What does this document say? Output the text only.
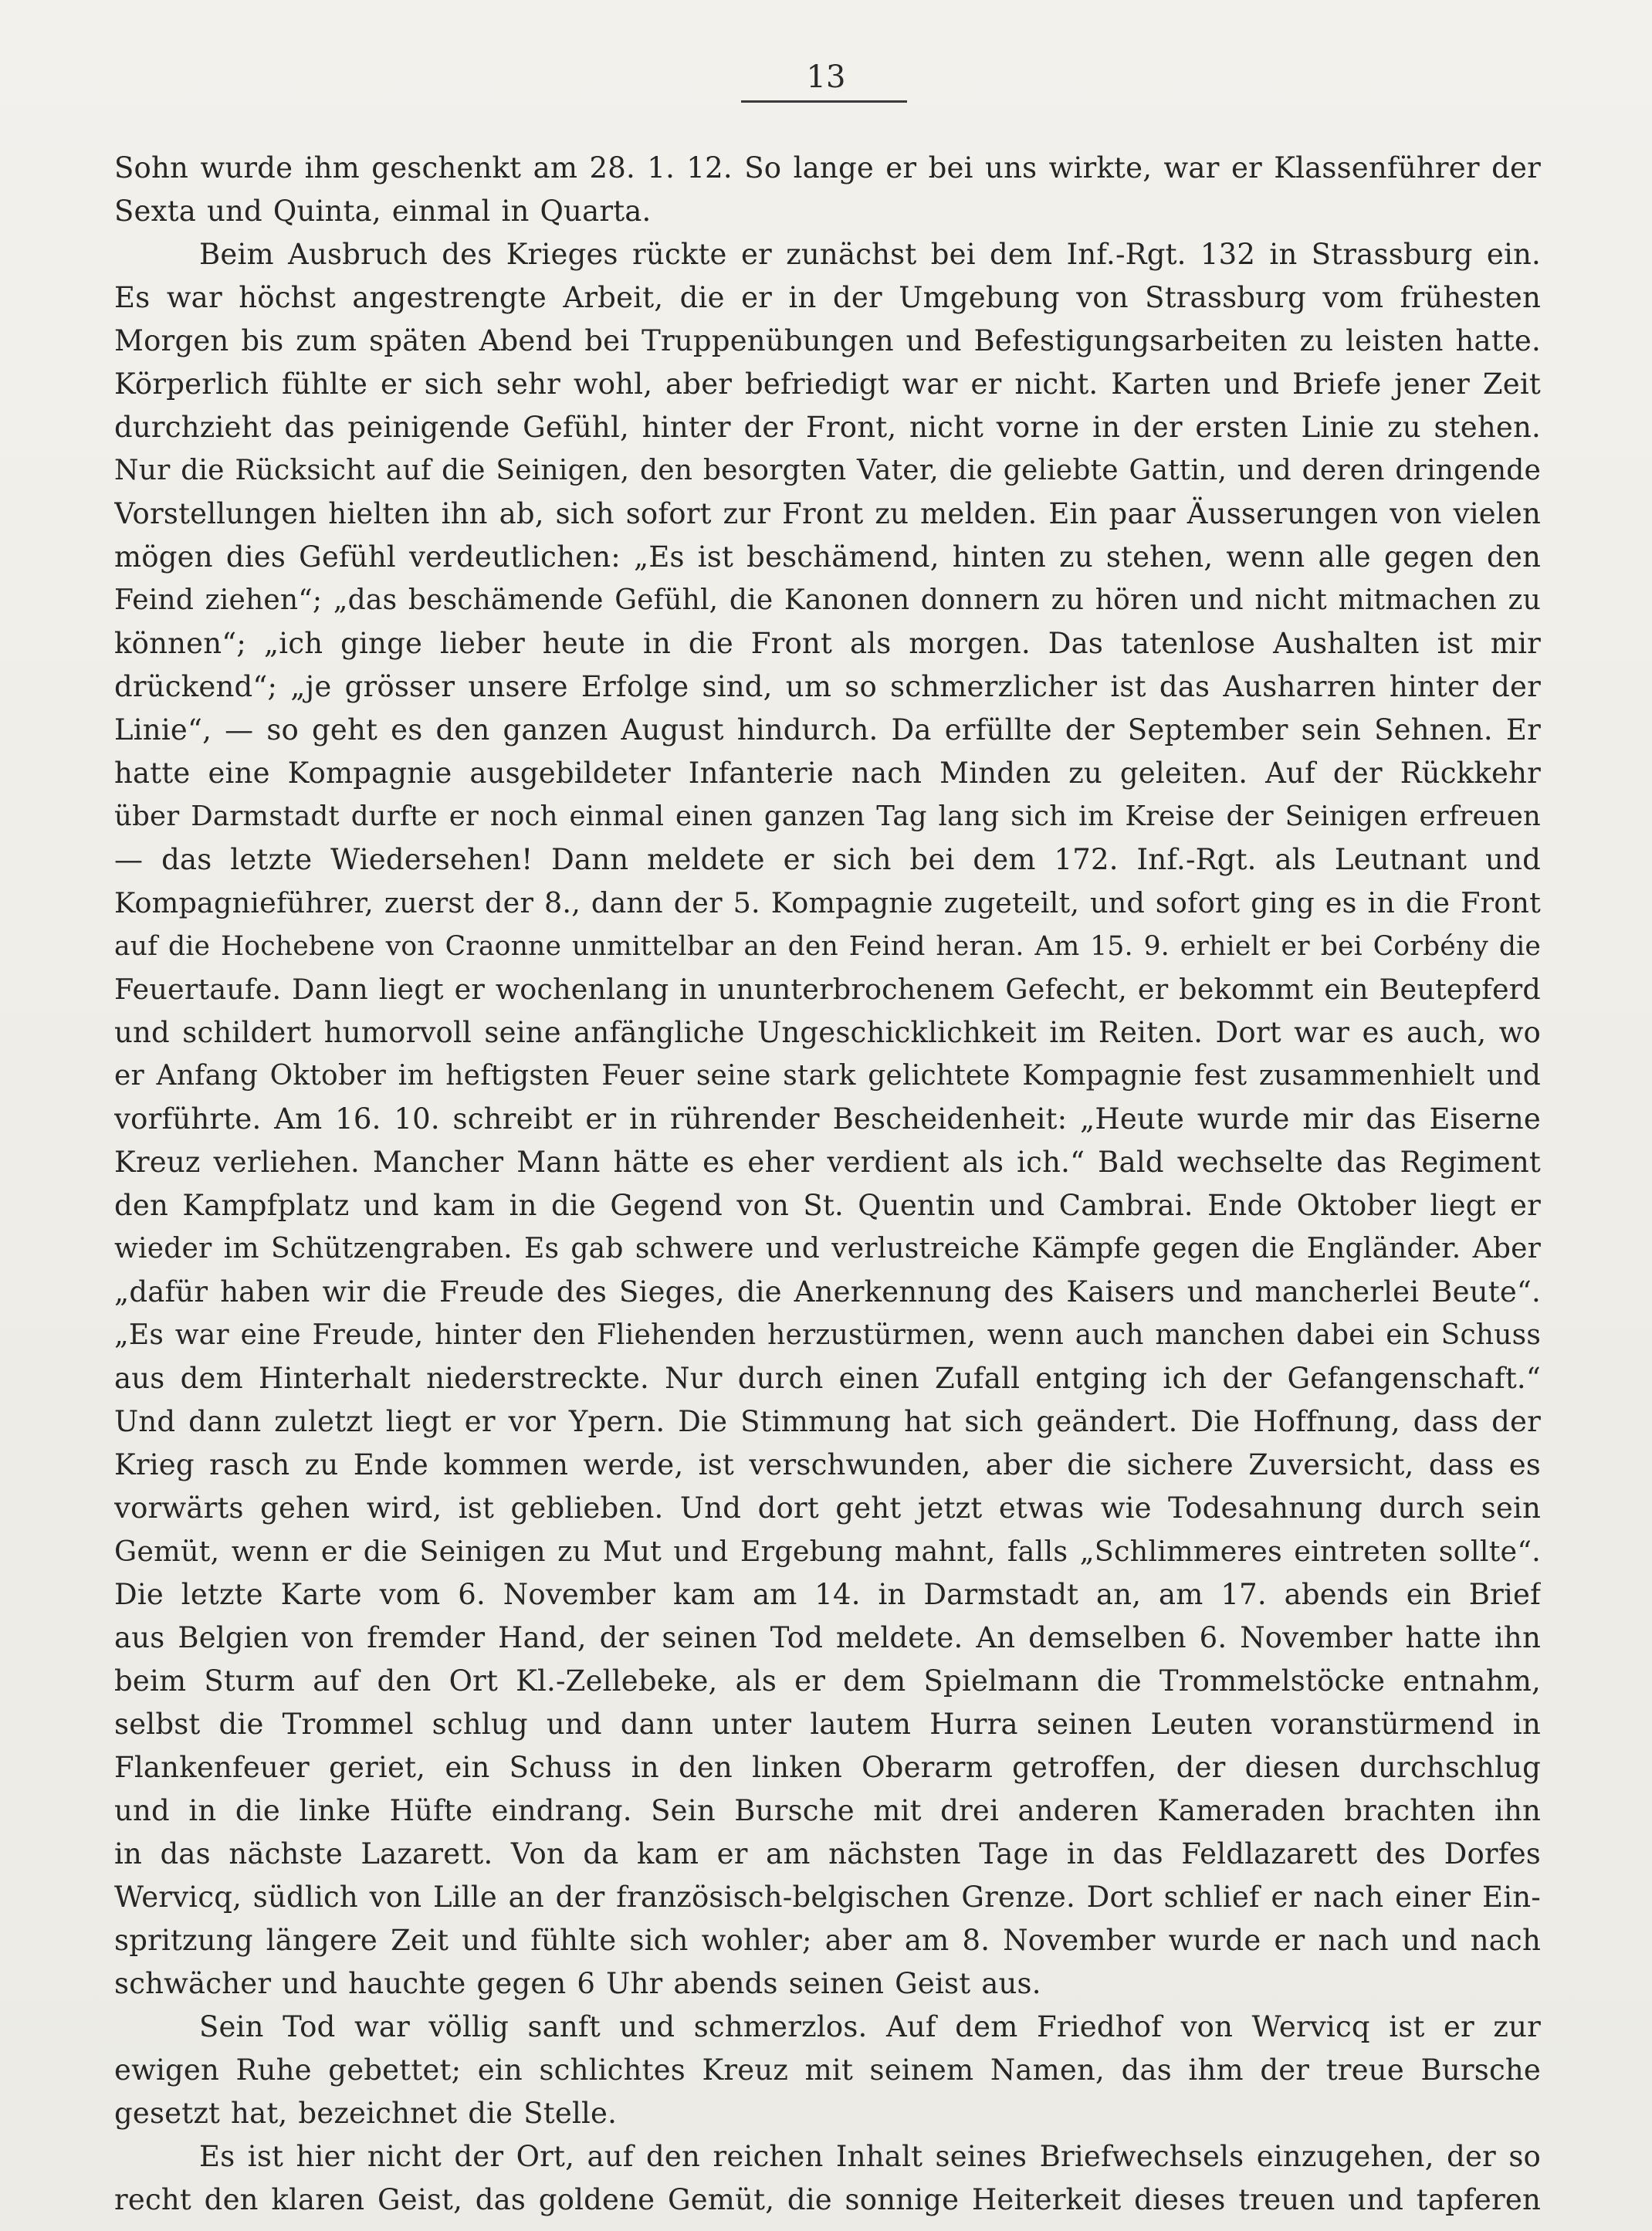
13
Sohn wurde ihm geschenkt am 28. 1. 12. So lange er bei uns wirkte, war er Klassenführer der
Sexta und Quinta, einmal in Quarta.
Beim Ausbruch des Krieges rückte er zunächst bei dem Inf.-Rgt. 132 in Strassburg ein.
Es war höchst angestrengte Arbeit, die er in der Umgebung von Strassburg vom frühesten
Morgen bis zum späten Abend bei Truppenübungen und Befestigungsarbeiten zu leisten hatte.
Körperlich fühlte er sich sehr wohl, aber befriedigt war er nicht. Karten und Briefe jener Zeit
durchzieht das peinigende Gefühl, hinter der Front, nicht vorne in der ersten Linie zu stehen.
Nur die Rücksicht auf die Seinigen, den besorgten Vater, die geliebte Gattin, und deren dringende
Vorstellungen hielten ihn ab, sich sofort zur Front zu melden. Ein paar Äusserungen von vielen
mögen dies Gefühl verdeutlichen: „Es ist beschämend, hinten zu stehen, wenn alle gegen den
Feind ziehen“; „das beschämende Gefühl, die Kanonen donnern zu hören und nicht mitmachen zu
können“; „ich ginge lieber heute in die Front als morgen. Das tatenlose Aushalten ist mir
drückend“; „je grösser unsere Erfolge sind, um so schmerzlicher ist das Ausharren hinter der
Linie“, — so geht es den ganzen August hindurch. Da erfüllte der September sein Sehnen. Er
hatte eine Kompagnie ausgebildeter Infanterie nach Minden zu geleiten. Auf der Rückkehr
über Darmstadt durfte er noch einmal einen ganzen Tag lang sich im Kreise der Seinigen erfreuen
— das letzte Wiedersehen! Dann meldete er sich bei dem 172. Inf.-Rgt. als Leutnant und
Kompagnieführer, zuerst der 8., dann der 5. Kompagnie zugeteilt, und sofort ging es in die Front
auf die Hochebene von Craonne unmittelbar an den Feind heran. Am 15. 9. erhielt er bei Corbény die
Feuertaufe. Dann liegt er wochenlang in ununterbrochenem Gefecht, er bekommt ein Beutepferd
und schildert humorvoll seine anfängliche Ungeschicklichkeit im Reiten. Dort war es auch, wo
er Anfang Oktober im heftigsten Feuer seine stark gelichtete Kompagnie fest zusammenhielt und
vorführte. Am 16. 10. schreibt er in rührender Bescheidenheit: „Heute wurde mir das Eiserne
Kreuz verliehen. Mancher Mann hätte es eher verdient als ich.“ Bald wechselte das Regiment
den Kampfplatz und kam in die Gegend von St. Quentin und Cambrai. Ende Oktober liegt er
wieder im Schützengraben. Es gab schwere und verlustreiche Kämpfe gegen die Engländer. Aber
„dafür haben wir die Freude des Sieges, die Anerkennung des Kaisers und mancherlei Beute“.
„Es war eine Freude, hinter den Fliehenden herzustürmen, wenn auch manchen dabei ein Schuss
aus dem Hinterhalt niederstreckte. Nur durch einen Zufall entging ich der Gefangenschaft.“
Und dann zuletzt liegt er vor Ypern. Die Stimmung hat sich geändert. Die Hoffnung, dass der
Krieg rasch zu Ende kommen werde, ist verschwunden, aber die sichere Zuversicht, dass es
vorwärts gehen wird, ist geblieben. Und dort geht jetzt etwas wie Todesahnung durch sein
Gemüt, wenn er die Seinigen zu Mut und Ergebung mahnt, falls „Schlimmeres eintreten sollte“.
Die letzte Karte vom 6. November kam am 14. in Darmstadt an, am 17. abends ein Brief
aus Belgien von fremder Hand, der seinen Tod meldete. An demselben 6. November hatte ihn
beim Sturm auf den Ort Kl.-Zellebeke, als er dem Spielmann die Trommelstöcke entnahm,
selbst die Trommel schlug und dann unter lautem Hurra seinen Leuten voranstürmend in
Flankenfeuer geriet, ein Schuss in den linken Oberarm getroffen, der diesen durchschlug
und in die linke Hüfte eindrang. Sein Bursche mit drei anderen Kameraden brachten ihn
in das nächste Lazarett. Von da kam er am nächsten Tage in das Feldlazarett des Dorfes
Wervicq, südlich von Lille an der französisch-belgischen Grenze. Dort schlief er nach einer Ein-
spritzung längere Zeit und fühlte sich wohler; aber am 8. November wurde er nach und nach
schwächer und hauchte gegen 6 Uhr abends seinen Geist aus.
Sein Tod war völlig sanft und schmerzlos. Auf dem Friedhof von Wervicq ist er zur
ewigen Ruhe gebettet; ein schlichtes Kreuz mit seinem Namen, das ihm der treue Bursche
gesetzt hat, bezeichnet die Stelle.
Es ist hier nicht der Ort, auf den reichen Inhalt seines Briefwechsels einzugehen, der so
recht den klaren Geist, das goldene Gemüt, die sonnige Heiterkeit dieses treuen und tapferen
